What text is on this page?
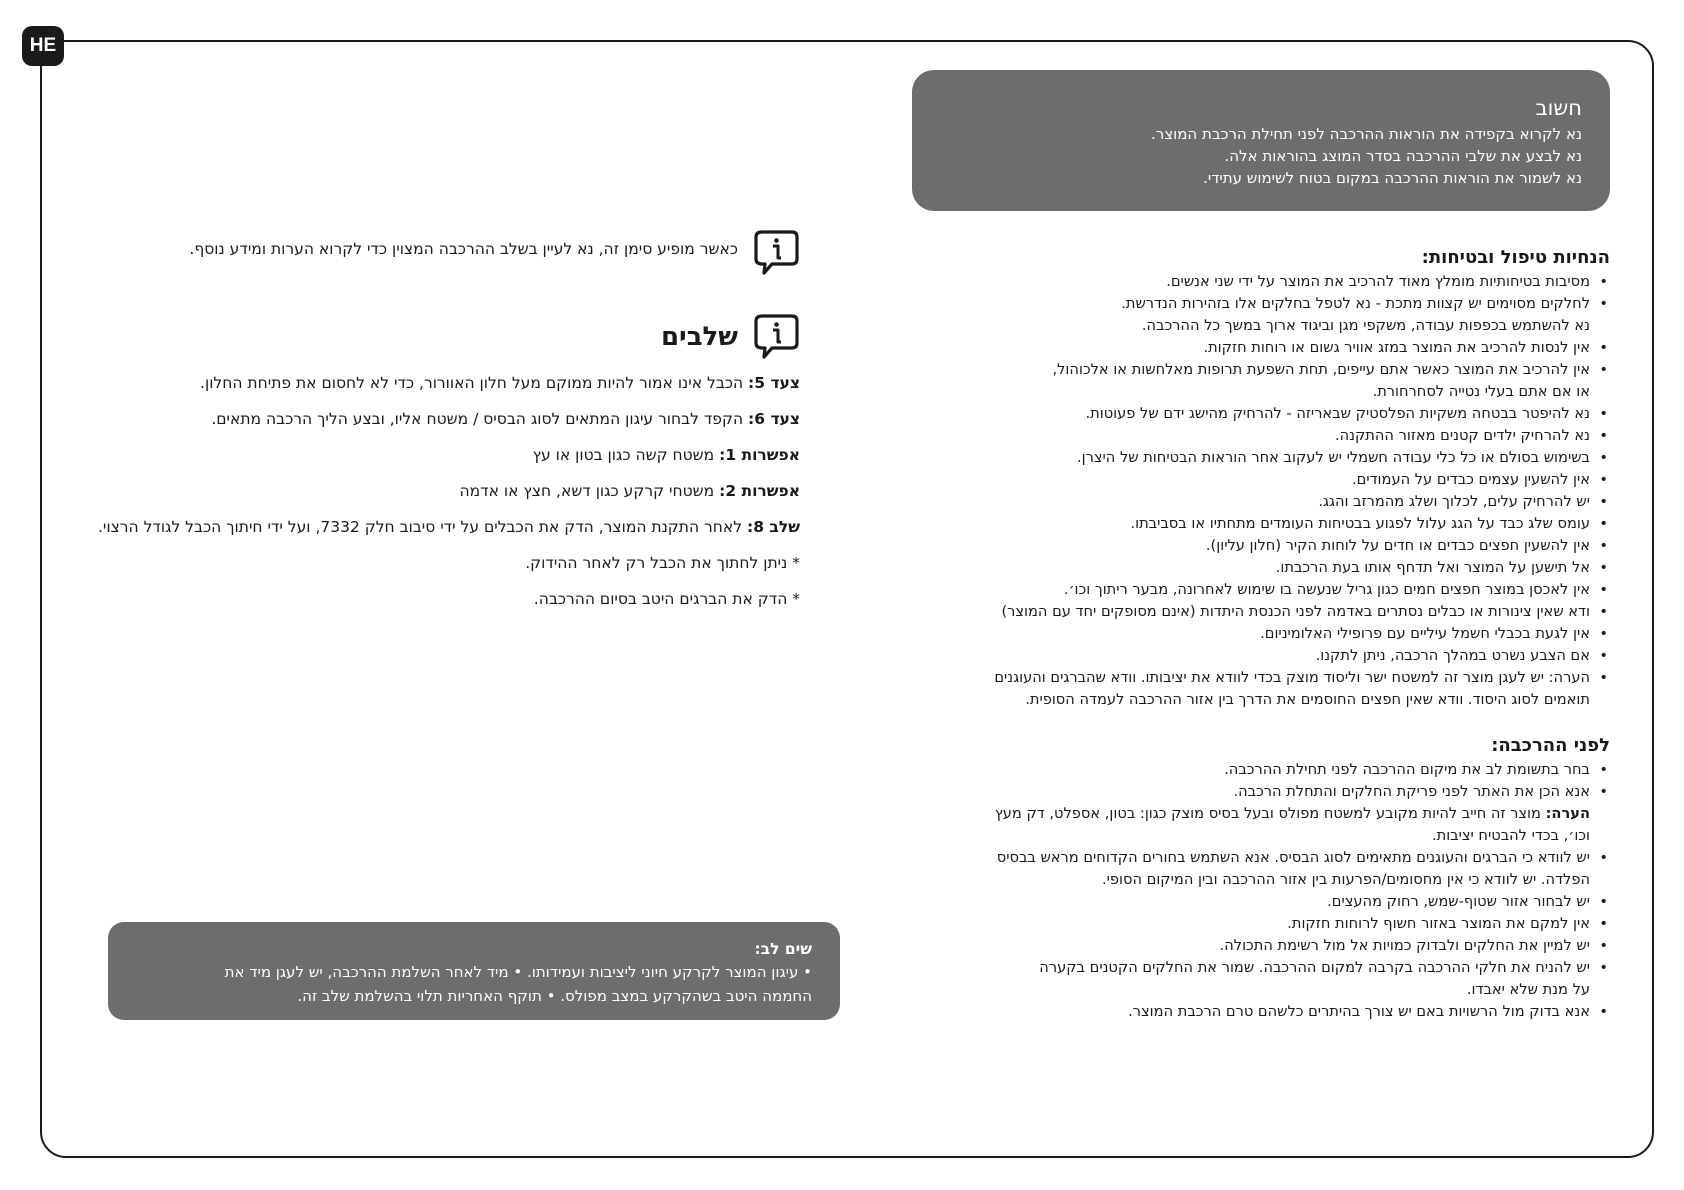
HE
חשוב
נא לקרוא בקפידה את הוראות ההרכבה לפני תחילת הרכבת המוצר.
נא לבצע את שלבי ההרכבה בסדר המוצג בהוראות אלה.
נא לשמור את הוראות ההרכבה במקום בטוח לשימוש עתידי.
הנחיות טיפול ובטיחות:
• מסיבות בטיחותיות מומלץ מאוד להרכיב את המוצר על ידי שני אנשים.
• לחלקים מסוימים יש קצוות מתכת - נא לטפל בחלקים אלו בזהירות הנדרשת.
נא להשתמש בכפפות עבודה, משקפי מגן וביגוד ארוך במשך כל ההרכבה.
• אין לנסות להרכיב את המוצר במזג אוויר גשום או רוחות חזקות.
• אין להרכיב את המוצר כאשר אתם עייפים, תחת השפעת תרופות מאלחשות או אלכוהול,
או אם אתם בעלי נטייה לסחרחורת.
• נא להיפטר בבטחה משקיות הפלסטיק שבאריזה - להרחיק מהישג ידם של פעוטות.
• נא להרחיק ילדים קטנים מאזור ההתקנה.
• בשימוש בסולם או כל כלי עבודה חשמלי יש לעקוב אחר הוראות הבטיחות של היצרן.
• אין להשעין עצמים כבדים על העמודים.
• יש להרחיק עלים, לכלוך ושלג מהמרזב והגג.
• עומס שלג כבד על הגג עלול לפגוע בבטיחות העומדים מתחתיו או בסביבתו.
• אין להשעין חפצים כבדים או חדים על לוחות הקיר (חלון עליון).
• אל תישען על המוצר ואל תדחף אותו בעת הרכבתו.
• אין לאכסן במוצר חפצים חמים כגון גריל שנעשה בו שימוש לאחרונה, מבער ריתוך וכו׳.
• ודא שאין צינורות או כבלים נסתרים באדמה לפני הכנסת היתדות (אינם מסופקים יחד עם המוצר)
• אין לגעת בכבלי חשמל עיליים עם פרופילי האלומיניום.
• אם הצבע נשרט במהלך הרכבה, ניתן לתקנו.
• הערה: יש לעגן מוצר זה למשטח ישר וליסוד מוצק בכדי לוודא את יציבותו. וודא שהברגים והעוגנים
תואמים לסוג היסוד. וודא שאין חפצים החוסמים את הדרך בין אזור ההרכבה לעמדה הסופית.
לפני ההרכבה:
• בחר בתשומת לב את מיקום ההרכבה לפני תחילת ההרכבה.
• אנא הכן את האתר לפני פריקת החלקים והתחלת הרכבה.
הערה: מוצר זה חייב להיות מקובע למשטח מפולס ובעל בסיס מוצק כגון: בטון, אספלט, דק מעץ
וכו׳, בכדי להבטיח יציבות.
• יש לוודא כי הברגים והעוגנים מתאימים לסוג הבסיס. אנא השתמש בחורים הקדוחים מראש בבסיס
הפלדה. יש לוודא כי אין מחסומים/הפרעות בין אזור ההרכבה ובין המיקום הסופי.
• יש לבחור אזור שטוף-שמש, רחוק מהעצים.
• אין למקם את המוצר באזור חשוף לרוחות חזקות.
• יש למיין את החלקים ולבדוק כמויות אל מול רשימת התכולה.
• יש להניח את חלקי ההרכבה בקרבה למקום ההרכבה. שמור את החלקים הקטנים בקערה
על מנת שלא יאבדו.
• אנא בדוק מול הרשויות באם יש צורך בהיתרים כלשהם טרם הרכבת המוצר.
כאשר מופיע סימן זה, נא לעיין בשלב ההרכבה המצוין כדי לקרוא הערות ומידע נוסף.
שלבים
צעד 5: הכבל אינו אמור להיות ממוקם מעל חלון האוורור, כדי לא לחסום את פתיחת החלון.
צעד 6: הקפד לבחור עיגון המתאים לסוג הבסיס / משטח אליו, ובצע הליך הרכבה מתאים.
אפשרות 1: משטח קשה כגון בטון או עץ
אפשרות 2: משטחי קרקע כגון דשא, חצץ או אדמה
שלב 8: לאחר התקנת המוצר, הדק את הכבלים על ידי סיבוב חלק 7332, ועל ידי חיתוך הכבל לגודל הרצוי.
* ניתן לחתוך את הכבל רק לאחר ההידוק.
* הדק את הברגים היטב בסיום ההרכבה.
שים לב:
• עיגון המוצר לקרקע חיוני ליציבות ועמידותו. • מיד לאחר השלמת ההרכבה, יש לעגן מיד את
החממה היטב בשהקרקע במצב מפולס. • תוקף האחריות תלוי בהשלמת שלב זה.
